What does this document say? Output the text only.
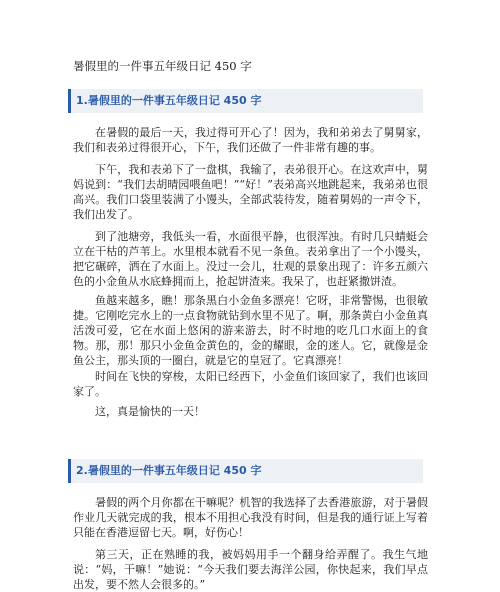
暑假里的一件事五年级日记 450 字
1.暑假里的一件事五年级日记 450 字

在暑假的最后一天，我过得可开心了！因为，我和弟弟去了舅舅家，我们和表弟过得很开心，下午，我们还做了一件非常有趣的事。

下午，我和表弟下了一盘棋，我输了，表弟很开心。在这欢声中，舅妈说到：“我们去胡晴园喂鱼吧！”“好！”表弟高兴地跳起来，我弟弟也很高兴。我们口袋里装满了小馒头，全部武装待发，随着舅妈的一声令下，我们出发了。

到了池塘旁，我低头一看，水面很平静，也很浑浊。有时几只蜻蜓会立在干枯的芦苇上。水里根本就看不见一条鱼。表弟拿出了一个小馒头，把它碾碎，洒在了水面上。没过一会儿，壮观的景象出现了：许多五颜六色的小金鱼从水底蜂拥而上，抢起饼渣来。我呆了，也赶紧撒饼渣。

鱼越来越多，瞧！那条黑白小金鱼多漂亮！它呀，非常警惕，也很敏捷。它刚吃完水上的一点食物就钻到水里不见了。啊，那条黄白小金鱼真活泼可爱，它在水面上悠闲的游来游去，时不时地的吃几口水面上的食物。那，那！那只小金鱼金黄色的，金的耀眼，金的迷人。它，就像是金鱼公主，那头顶的一圈白，就是它的皇冠了。它真漂亮！

时间在飞快的穿梭，太阳已经西下，小金鱼们该回家了，我们也该回家了。

这，真是愉快的一天！

2.暑假里的一件事五年级日记 450 字

暑假的两个月你都在干嘛呢？机智的我选择了去香港旅游，对于暑假作业几天就完成的我，根本不用担心我没有时间，但是我的通行证上写着只能在香港逗留七天。啊，好伤心！

第三天，正在熟睡的我，被妈妈用手一个翻身给弄醒了。我生气地说：“妈，干嘛！”她说：“今天我们要去海洋公园，你快起来，我们早点出发，要不然人会很多的。”
